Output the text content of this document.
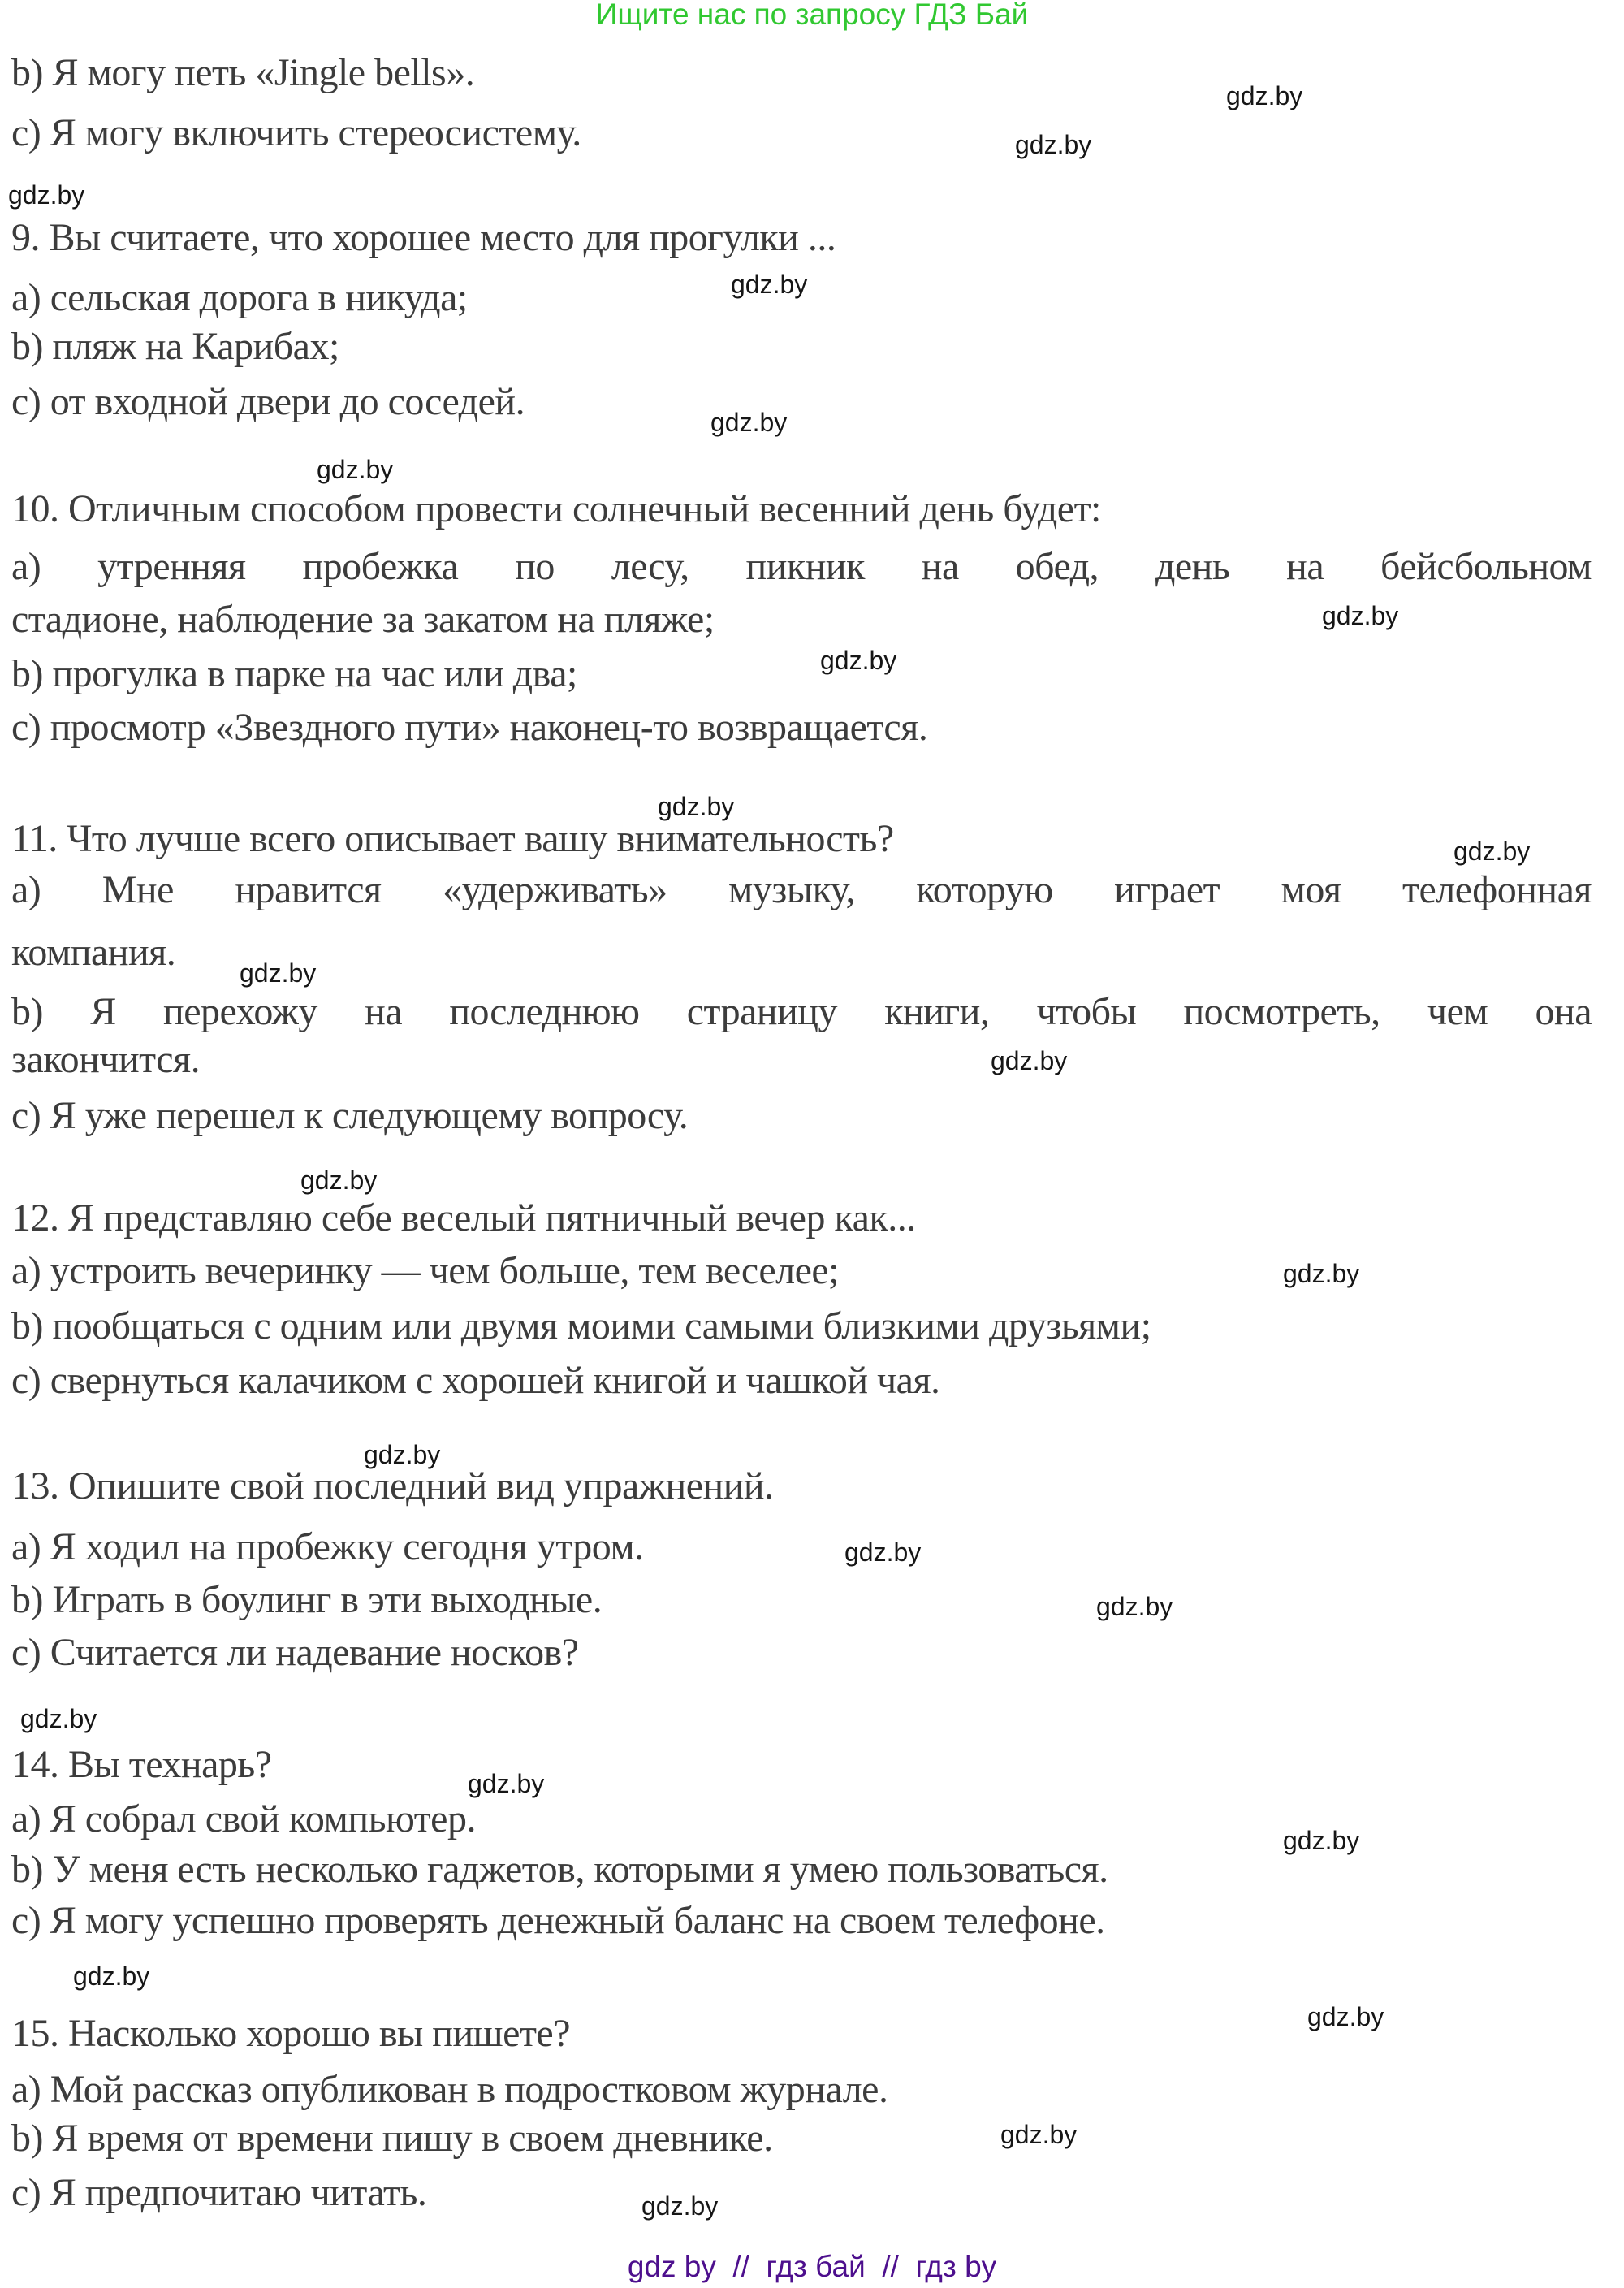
Ищите нас по запросу ГДЗ Бай
b) Я могу петь «Jingle bells».
c) Я могу включить стереосистему.
9. Вы считаете, что хорошее место для прогулки ...
a) сельская дорога в никуда;
b) пляж на Карибах;
c) от входной двери до соседей.
10. Отличным способом провести солнечный весенний день будет:
a) утренняя пробежка по лесу, пикник на обед, день на бейсбольном
стадионе, наблюдение за закатом на пляже;
b) прогулка в парке на час или два;
c) просмотр «Звездного пути» наконец-то возвращается.
11. Что лучше всего описывает вашу внимательность?
a) Мне нравится «удерживать» музыку, которую играет моя телефонная
компания.
b) Я перехожу на последнюю страницу книги, чтобы посмотреть, чем она
закончится.
c) Я уже перешел к следующему вопросу.
12. Я представляю себе веселый пятничный вечер как...
a) устроить вечеринку — чем больше, тем веселее;
b) пообщаться с одним или двумя моими самыми близкими друзьями;
c) свернуться калачиком с хорошей книгой и чашкой чая.
13. Опишите свой последний вид упражнений.
a) Я ходил на пробежку сегодня утром.
b) Играть в боулинг в эти выходные.
c) Считается ли надевание носков?
14. Вы технарь?
a) Я собрал свой компьютер.
b) У меня есть несколько гаджетов, которыми я умею пользоваться.
c) Я могу успешно проверять денежный баланс на своем телефоне.
15. Насколько хорошо вы пишете?
a) Мой рассказ опубликован в подростковом журнале.
b) Я время от времени пишу в своем дневнике.
c) Я предпочитаю читать.
gdz.by
gdz.by
gdz.by
gdz.by
gdz.by
gdz.by
gdz.by
gdz.by
gdz.by
gdz.by
gdz.by
gdz.by
gdz.by
gdz.by
gdz.by
gdz.by
gdz.by
gdz.by
gdz.by
gdz.by
gdz.by
gdz.by
gdz.by
gdz.by
gdz by  //  гдз бай  //  гдз by
